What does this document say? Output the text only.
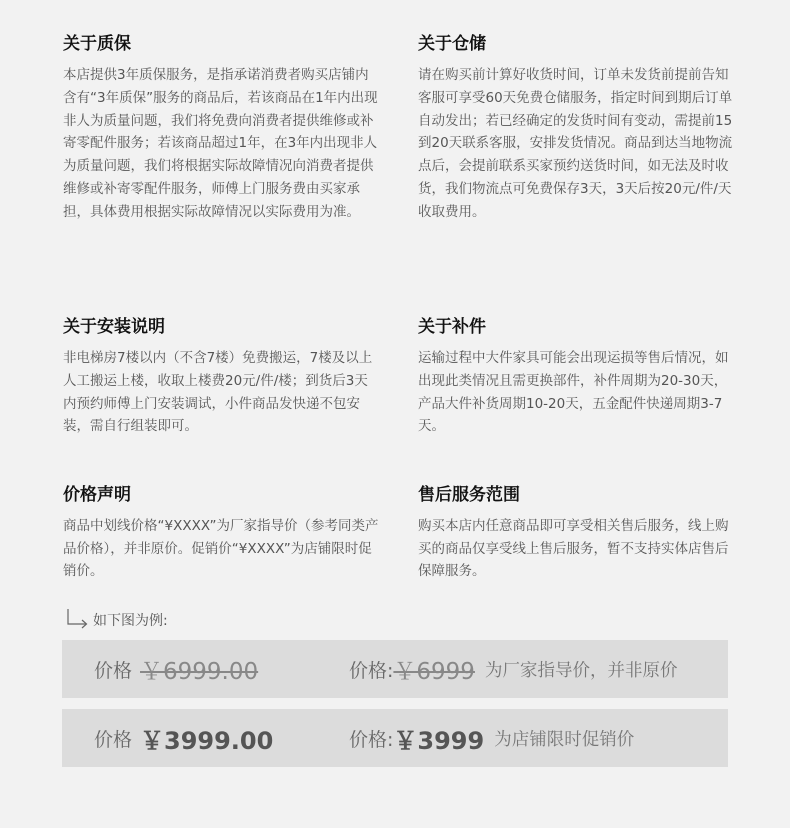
关于质保

本店提供3年质保服务，是指承诺消费者购买店铺内含有“3年质保”服务的商品后，若该商品在1年内出现非人为质量问题，我们将免费向消费者提供维修或补寄零配件服务；若该商品超过1年，在3年内出现非人为质量问题，我们将根据实际故障情况向消费者提供维修或补寄零配件服务，师傅上门服务费由买家承担，具体费用根据实际故障情况以实际费用为准。

关于仓储

请在购买前计算好收货时间，订单未发货前提前告知客服可享受60天免费仓储服务，指定时间到期后订单自动发出；若已经确定的发货时间有变动，需提前15到20天联系客服，安排发货情况。商品到达当地物流点后，会提前联系买家预约送货时间，如无法及时收货，我们物流点可免费保存3天，3天后按20元/件/天收取费用。

关于安装说明

非电梯房7楼以内（不含7楼）免费搬运，7楼及以上人工搬运上楼，收取上楼费20元/件/楼；到货后3天内预约师傅上门安装调试，小件商品发快递不包安装，需自行组装即可。

关于补件

运输过程中大件家具可能会出现运损等售后情况，如出现此类情况且需更换部件，补件周期为20-30天，产品大件补货周期10-20天，五金配件快递周期3-7天。

价格声明

商品中划线价格“¥XXXX”为厂家指导价（参考同类产品价格），并非原价。促销价“¥XXXX”为店铺限时促销价。

售后服务范围

购买本店内任意商品即可享受相关售后服务，线上购买的商品仅享受线上售后服务，暂不支持实体店售后保障服务。

如下图为例:
价格 ￥6999.00	价格: ￥6999 为厂家指导价，并非原价
价格 ￥3999.00	价格: ￥3999 为店铺限时促销价
